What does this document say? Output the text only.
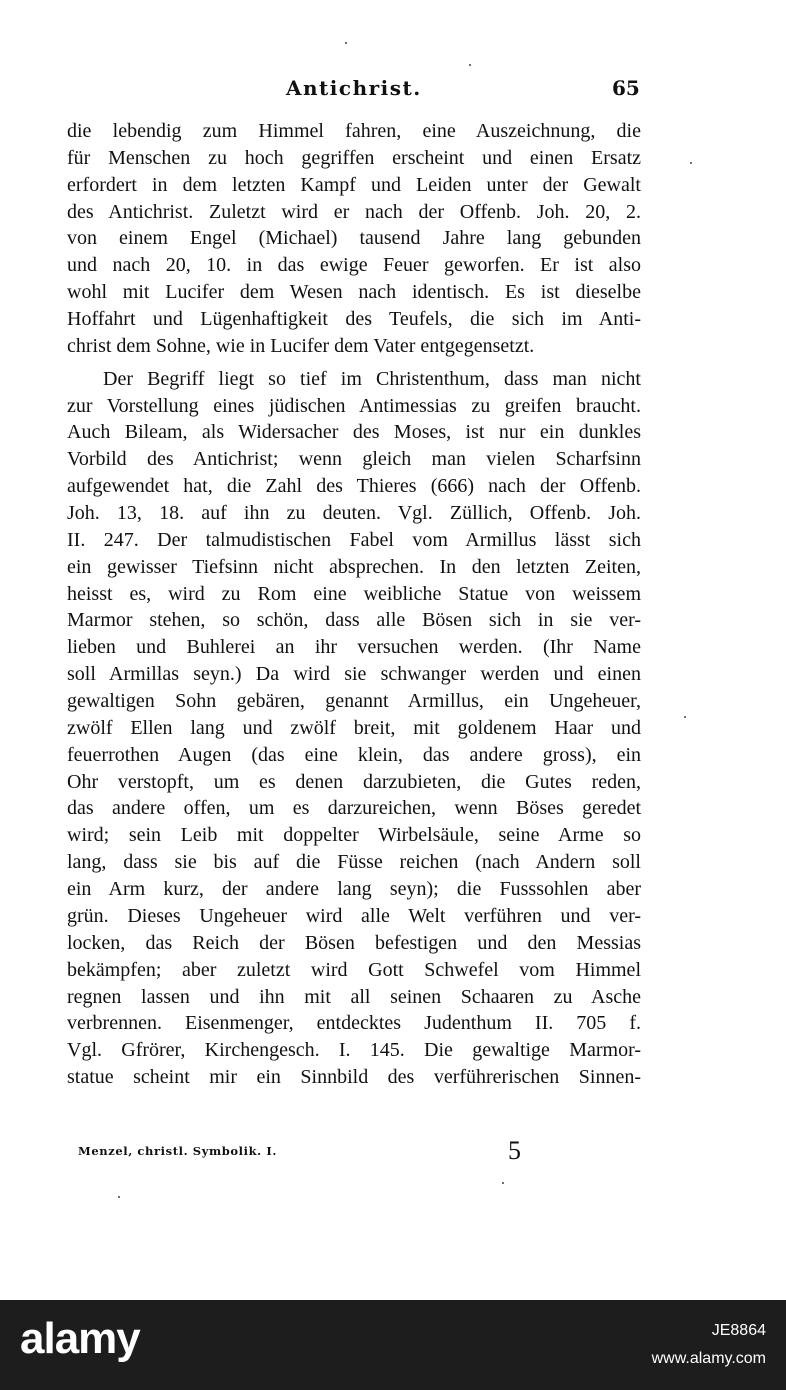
Antichrist.	65
die lebendig zum Himmel fahren, eine Auszeichnung, die
für Menschen zu hoch gegriffen erscheint und einen Ersatz
erfordert in dem letzten Kampf und Leiden unter der Gewalt
des Antichrist. Zuletzt wird er nach der Offenb. Joh. 20, 2.
von einem Engel (Michael) tausend Jahre lang gebunden
und nach 20, 10. in das ewige Feuer geworfen. Er ist also
wohl mit Lucifer dem Wesen nach identisch. Es ist dieselbe
Hoffahrt und Lügenhaftigkeit des Teufels, die sich im Anti-
christ dem Sohne, wie in Lucifer dem Vater entgegensetzt.
Der Begriff liegt so tief im Christenthum, dass man nicht
zur Vorstellung eines jüdischen Antimessias zu greifen braucht.
Auch Bileam, als Widersacher des Moses, ist nur ein dunkles
Vorbild des Antichrist; wenn gleich man vielen Scharfsinn
aufgewendet hat, die Zahl des Thieres (666) nach der Offenb.
Joh. 13, 18. auf ihn zu deuten. Vgl. Züllich, Offenb. Joh.
II. 247. Der talmudistischen Fabel vom Armillus lässt sich
ein gewisser Tiefsinn nicht absprechen. In den letzten Zeiten,
heisst es, wird zu Rom eine weibliche Statue von weissem
Marmor stehen, so schön, dass alle Bösen sich in sie ver-
lieben und Buhlerei an ihr versuchen werden. (Ihr Name
soll Armillas seyn.) Da wird sie schwanger werden und einen
gewaltigen Sohn gebären, genannt Armillus, ein Ungeheuer,
zwölf Ellen lang und zwölf breit, mit goldenem Haar und
feuerrothen Augen (das eine klein, das andere gross), ein
Ohr verstopft, um es denen darzubieten, die Gutes reden,
das andere offen, um es darzureichen, wenn Böses geredet
wird; sein Leib mit doppelter Wirbelsäule, seine Arme so
lang, dass sie bis auf die Füsse reichen (nach Andern soll
ein Arm kurz, der andere lang seyn); die Fusssohlen aber
grün. Dieses Ungeheuer wird alle Welt verführen und ver-
locken, das Reich der Bösen befestigen und den Messias
bekämpfen; aber zuletzt wird Gott Schwefel vom Himmel
regnen lassen und ihn mit all seinen Schaaren zu Asche
verbrennen. Eisenmenger, entdecktes Judenthum II. 705 f.
Vgl. Gfrörer, Kirchengesch. I. 145. Die gewaltige Marmor-
statue scheint mir ein Sinnbild des verführerischen Sinnen-
Menzel, christl. Symbolik. I.	5
alamy	JE8864
www.alamy.com
